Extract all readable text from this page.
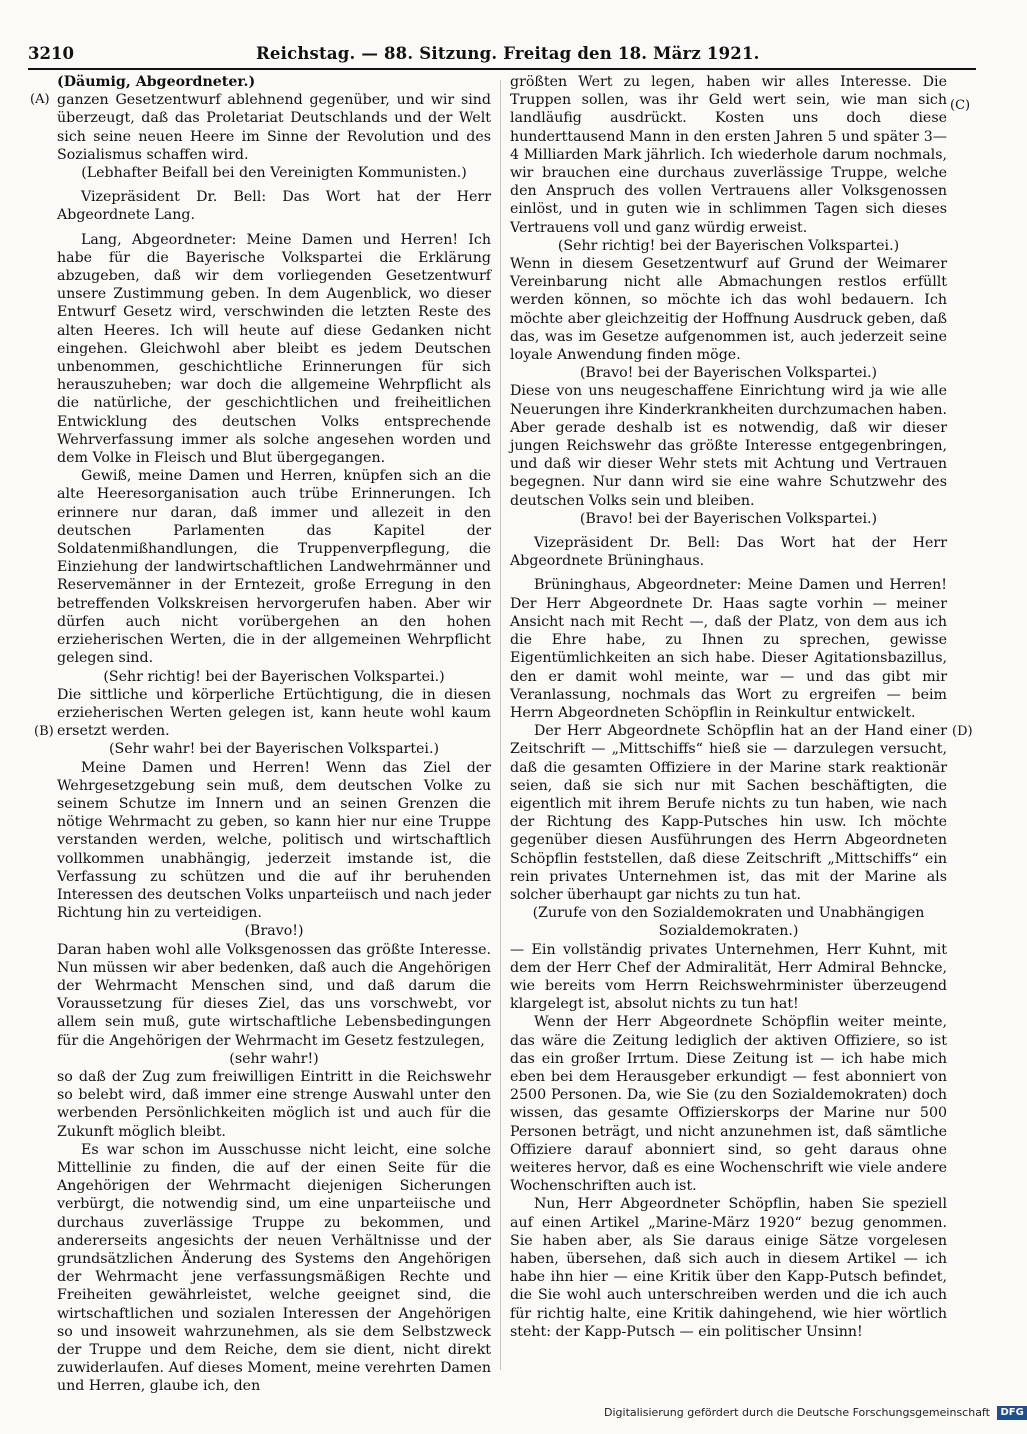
3210	Reichstag. — 88. Sitzung. Freitag den 18. März 1921.
(A)
(B)
(C)
(D)

(Däumig, Abgeordneter.)

ganzen Gesetzentwurf ablehnend gegenüber, und wir sind überzeugt, daß das Proletariat Deutschlands und der Welt sich seine neuen Heere im Sinne der Revolution und des Sozialismus schaffen wird.

(Lebhafter Beifall bei den Vereinigten Kommunisten.)

Vizepräsident Dr. Bell: Das Wort hat der Herr Abgeordnete Lang.

Lang, Abgeordneter: Meine Damen und Herren! Ich habe für die Bayerische Volkspartei die Erklärung abzugeben, daß wir dem vorliegenden Gesetzentwurf unsere Zustimmung geben. In dem Augenblick, wo dieser Entwurf Gesetz wird, verschwinden die letzten Reste des alten Heeres. Ich will heute auf diese Gedanken nicht eingehen. Gleichwohl aber bleibt es jedem Deutschen unbenommen, geschichtliche Erinnerungen für sich herauszuheben; war doch die allgemeine Wehrpflicht als die natürliche, der geschichtlichen und freiheitlichen Entwicklung des deutschen Volks entsprechende Wehrverfassung immer als solche angesehen worden und dem Volke in Fleisch und Blut übergegangen.

Gewiß, meine Damen und Herren, knüpfen sich an die alte Heeresorganisation auch trübe Erinnerungen. Ich erinnere nur daran, daß immer und allezeit in den deutschen Parlamenten das Kapitel der Soldatenmißhandlungen, die Truppenverpflegung, die Einziehung der landwirtschaftlichen Landwehrmänner und Reservemänner in der Erntezeit, große Erregung in den betreffenden Volkskreisen hervorgerufen haben. Aber wir dürfen auch nicht vorübergehen an den hohen erzieherischen Werten, die in der allgemeinen Wehrpflicht gelegen sind.

(Sehr richtig! bei der Bayerischen Volkspartei.)

Die sittliche und körperliche Ertüchtigung, die in diesen erzieherischen Werten gelegen ist, kann heute wohl kaum ersetzt werden.

(Sehr wahr! bei der Bayerischen Volkspartei.)

Meine Damen und Herren! Wenn das Ziel der Wehrgesetzgebung sein muß, dem deutschen Volke zu seinem Schutze im Innern und an seinen Grenzen die nötige Wehrmacht zu geben, so kann hier nur eine Truppe verstanden werden, welche, politisch und wirtschaftlich vollkommen unabhängig, jederzeit imstande ist, die Verfassung zu schützen und die auf ihr beruhenden Interessen des deutschen Volks unparteiisch und nach jeder Richtung hin zu verteidigen.

(Bravo!)

Daran haben wohl alle Volksgenossen das größte Interesse. Nun müssen wir aber bedenken, daß auch die Angehörigen der Wehrmacht Menschen sind, und daß darum die Voraussetzung für dieses Ziel, das uns vorschwebt, vor allem sein muß, gute wirtschaftliche Lebensbedingungen für die Angehörigen der Wehrmacht im Gesetz festzulegen,

(sehr wahr!)

so daß der Zug zum freiwilligen Eintritt in die Reichswehr so belebt wird, daß immer eine strenge Auswahl unter den werbenden Persönlichkeiten möglich ist und auch für die Zukunft möglich bleibt.

Es war schon im Ausschusse nicht leicht, eine solche Mittellinie zu finden, die auf der einen Seite für die Angehörigen der Wehrmacht diejenigen Sicherungen verbürgt, die notwendig sind, um eine unparteiische und durchaus zuverlässige Truppe zu bekommen, und andererseits angesichts der neuen Verhältnisse und der grundsätzlichen Änderung des Systems den Angehörigen der Wehrmacht jene verfassungsmäßigen Rechte und Freiheiten gewährleistet, welche geeignet sind, die wirtschaftlichen und sozialen Interessen der Angehörigen so und insoweit wahrzunehmen, als sie dem Selbstzweck der Truppe und dem Reiche, dem sie dient, nicht direkt zuwiderlaufen. Auf dieses Moment, meine verehrten Damen und Herren, glaube ich, den

größten Wert zu legen, haben wir alles Interesse. Die Truppen sollen, was ihr Geld wert sein, wie man sich landläufig ausdrückt. Kosten uns doch diese hunderttausend Mann in den ersten Jahren 5 und später 3—4 Milliarden Mark jährlich. Ich wiederhole darum nochmals, wir brauchen eine durchaus zuverlässige Truppe, welche den Anspruch des vollen Vertrauens aller Volksgenossen einlöst, und in guten wie in schlimmen Tagen sich dieses Vertrauens voll und ganz würdig erweist.

(Sehr richtig! bei der Bayerischen Volkspartei.)

Wenn in diesem Gesetzentwurf auf Grund der Weimarer Vereinbarung nicht alle Abmachungen restlos erfüllt werden können, so möchte ich das wohl bedauern. Ich möchte aber gleichzeitig der Hoffnung Ausdruck geben, daß das, was im Gesetze aufgenommen ist, auch jederzeit seine loyale Anwendung finden möge.

(Bravo! bei der Bayerischen Volkspartei.)

Diese von uns neugeschaffene Einrichtung wird ja wie alle Neuerungen ihre Kinderkrankheiten durchzumachen haben. Aber gerade deshalb ist es notwendig, daß wir dieser jungen Reichswehr das größte Interesse entgegenbringen, und daß wir dieser Wehr stets mit Achtung und Vertrauen begegnen. Nur dann wird sie eine wahre Schutzwehr des deutschen Volks sein und bleiben.

(Bravo! bei der Bayerischen Volkspartei.)

Vizepräsident Dr. Bell: Das Wort hat der Herr Abgeordnete Brüninghaus.

Brüninghaus, Abgeordneter: Meine Damen und Herren! Der Herr Abgeordnete Dr. Haas sagte vorhin — meiner Ansicht nach mit Recht —, daß der Platz, von dem aus ich die Ehre habe, zu Ihnen zu sprechen, gewisse Eigentümlichkeiten an sich habe. Dieser Agitationsbazillus, den er damit wohl meinte, war — und das gibt mir Veranlassung, nochmals das Wort zu ergreifen — beim Herrn Abgeordneten Schöpflin in Reinkultur entwickelt.

Der Herr Abgeordnete Schöpflin hat an der Hand einer Zeitschrift — „Mittschiffs“ hieß sie — darzulegen versucht, daß die gesamten Offiziere in der Marine stark reaktionär seien, daß sie sich nur mit Sachen beschäftigten, die eigentlich mit ihrem Berufe nichts zu tun haben, wie nach der Richtung des Kapp-Putsches hin usw. Ich möchte gegenüber diesen Ausführungen des Herrn Abgeordneten Schöpflin feststellen, daß diese Zeitschrift „Mittschiffs“ ein rein privates Unternehmen ist, das mit der Marine als solcher überhaupt gar nichts zu tun hat.

(Zurufe von den Sozialdemokraten und Unabhängigen Sozialdemokraten.)

— Ein vollständig privates Unternehmen, Herr Kuhnt, mit dem der Herr Chef der Admiralität, Herr Admiral Behncke, wie bereits vom Herrn Reichswehrminister überzeugend klargelegt ist, absolut nichts zu tun hat!

Wenn der Herr Abgeordnete Schöpflin weiter meinte, das wäre die Zeitung lediglich der aktiven Offiziere, so ist das ein großer Irrtum. Diese Zeitung ist — ich habe mich eben bei dem Herausgeber erkundigt — fest abonniert von 2500 Personen. Da, wie Sie (zu den Sozialdemokraten) doch wissen, das gesamte Offizierskorps der Marine nur 500 Personen beträgt, und nicht anzunehmen ist, daß sämtliche Offiziere darauf abonniert sind, so geht daraus ohne weiteres hervor, daß es eine Wochenschrift wie viele andere Wochenschriften auch ist.

Nun, Herr Abgeordneter Schöpflin, haben Sie speziell auf einen Artikel „Marine-März 1920“ bezug genommen. Sie haben aber, als Sie daraus einige Sätze vorgelesen haben, übersehen, daß sich auch in diesem Artikel — ich habe ihn hier — eine Kritik über den Kapp-Putsch befindet, die Sie wohl auch unterschreiben werden und die ich auch für richtig halte, eine Kritik dahingehend, wie hier wörtlich steht: der Kapp-Putsch — ein politischer Unsinn!

Digitalisierung gefördert durch die Deutsche Forschungsgemeinschaft DFG
